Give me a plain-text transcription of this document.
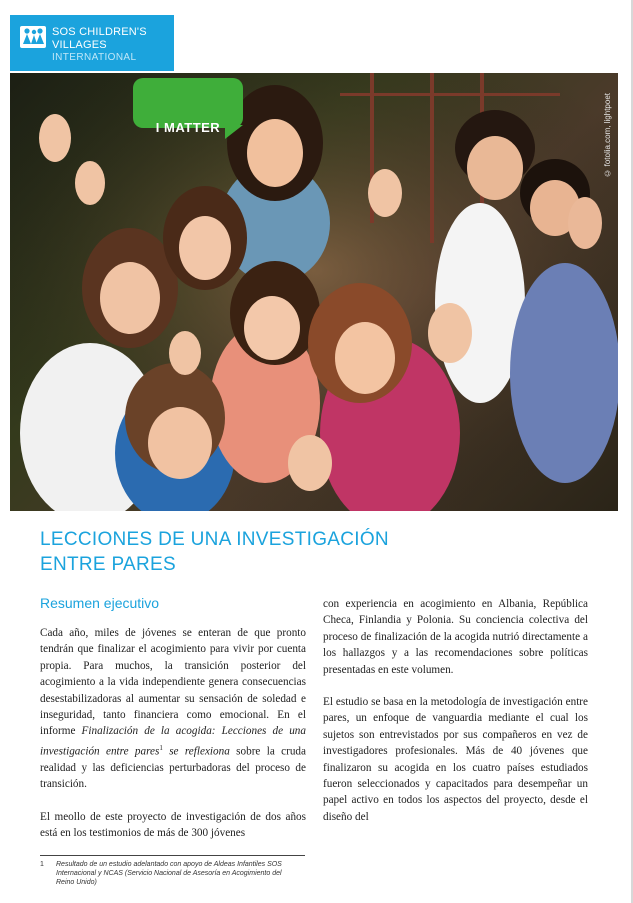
SOS CHILDREN'S
VILLAGES
INTERNATIONAL
I MATTER	© fotolia.com, lightpoet
LECCIONES DE UNA INVESTIGACIÓN
ENTRE PARES
Resumen ejecutivo

Cada año, miles de jóvenes se enteran de que pronto tendrán que finalizar el acogimiento para vivir por cuenta propia. Para muchos, la transición posterior del acogimiento a la vida independiente genera consecuencias desestabilizadoras al aumentar su sensación de soledad e inseguridad, tanto financiera como emocional. En el informe Finalización de la acogida: Lecciones de una investigación entre pares$^1$ se reflexiona sobre la cruda realidad y las deficiencias perturbadoras del proceso de transición.

El meollo de este proyecto de investigación de dos años está en los testimonios de más de 300 jóvenes

con experiencia en acogimiento en Albania, República Checa, Finlandia y Polonia. Su conciencia colectiva del proceso de finalización de la acogida nutrió directamente a los hallazgos y a las recomendaciones sobre políticas presentadas en este volumen.

El estudio se basa en la metodología de investigación entre pares, un enfoque de vanguardia mediante el cual los sujetos son entrevistados por sus compañeros en vez de investigadores profesionales. Más de 40 jóvenes que finalizaron su acogida en los cuatro países estudiados fueron seleccionados y capacitados para desempeñar un papel activo en todos los aspectos del proyecto, desde el diseño del

1 Resultado de un estudio adelantado con apoyo de Aldeas Infantiles SOS Internacional y NCAS (Servicio Nacional de Asesoría en Acogimiento del Reino Unido)
